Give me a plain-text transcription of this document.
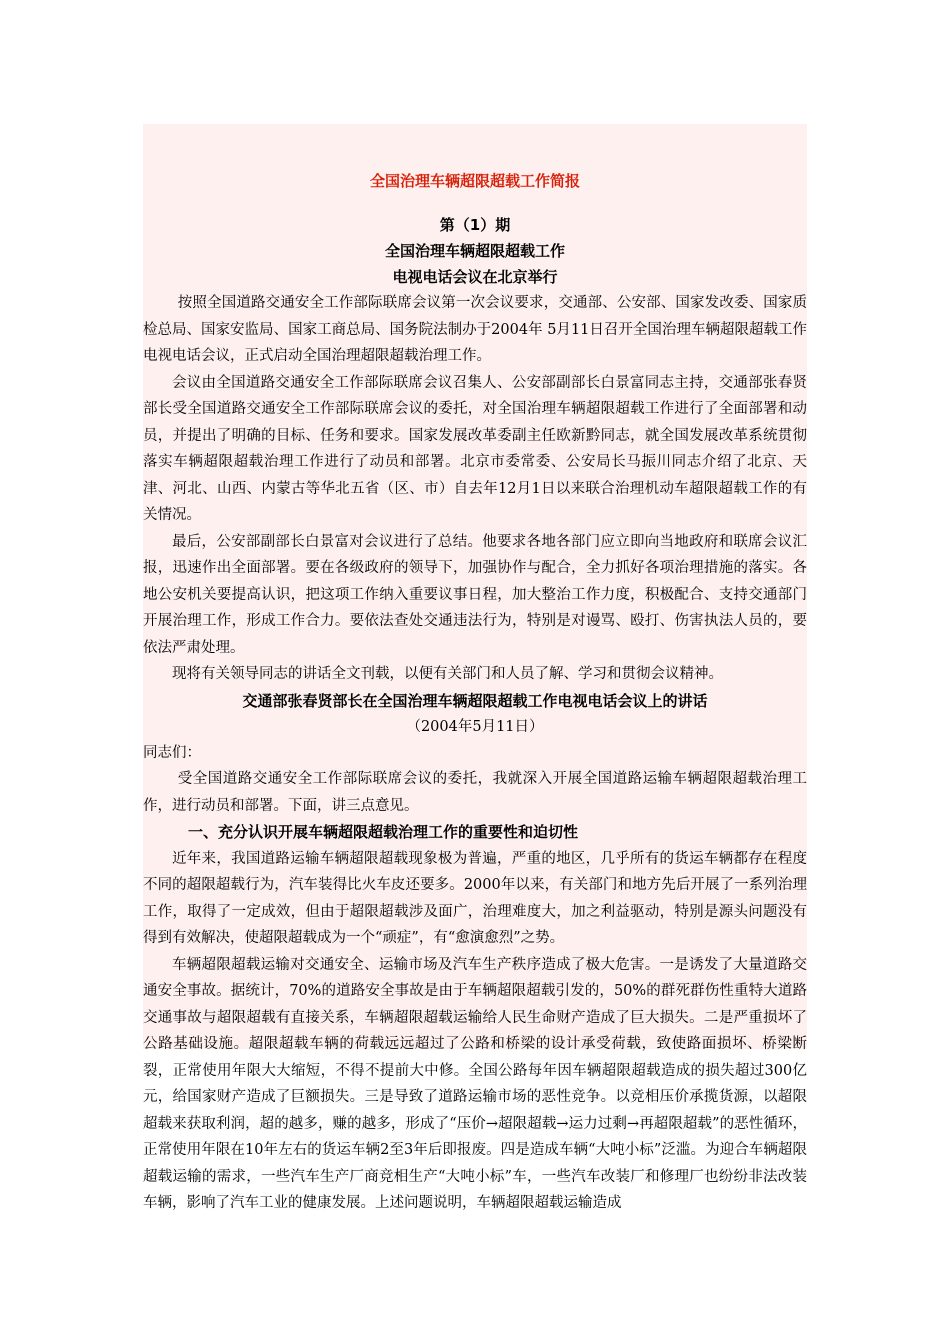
全国治理车辆超限超载工作简报
第（1）期
全国治理车辆超限超载工作
电视电话会议在北京举行

按照全国道路交通安全工作部际联席会议第一次会议要求，交通部、公安部、国家发改委、国家质检总局、国家安监局、国家工商总局、国务院法制办于2004年 5月11日召开全国治理车辆超限超载工作电视电话会议，正式启动全国治理超限超载治理工作。

会议由全国道路交通安全工作部际联席会议召集人、公安部副部长白景富同志主持，交通部张春贤部长受全国道路交通安全工作部际联席会议的委托，对全国治理车辆超限超载工作进行了全面部署和动员，并提出了明确的目标、任务和要求。国家发展改革委副主任欧新黔同志，就全国发展改革系统贯彻落实车辆超限超载治理工作进行了动员和部署。北京市委常委、公安局长马振川同志介绍了北京、天津、河北、山西、内蒙古等华北五省（区、市）自去年12月1日以来联合治理机动车超限超载工作的有关情况。

最后，公安部副部长白景富对会议进行了总结。他要求各地各部门应立即向当地政府和联席会议汇报，迅速作出全面部署。要在各级政府的领导下，加强协作与配合，全力抓好各项治理措施的落实。各地公安机关要提高认识，把这项工作纳入重要议事日程，加大整治工作力度，积极配合、支持交通部门开展治理工作，形成工作合力。要依法查处交通违法行为，特别是对谩骂、殴打、伤害执法人员的，要依法严肃处理。

现将有关领导同志的讲话全文刊载，以便有关部门和人员了解、学习和贯彻会议精神。

交通部张春贤部长在全国治理车辆超限超载工作电视电话会议上的讲话
（2004年5月11日）

同志们：

受全国道路交通安全工作部际联席会议的委托，我就深入开展全国道路运输车辆超限超载治理工作，进行动员和部署。下面，讲三点意见。

一、充分认识开展车辆超限超载治理工作的重要性和迫切性

近年来，我国道路运输车辆超限超载现象极为普遍，严重的地区，几乎所有的货运车辆都存在程度不同的超限超载行为，汽车装得比火车皮还要多。2000年以来，有关部门和地方先后开展了一系列治理工作，取得了一定成效，但由于超限超载涉及面广，治理难度大，加之利益驱动，特别是源头问题没有得到有效解决，使超限超载成为一个“顽症”，有“愈演愈烈”之势。

车辆超限超载运输对交通安全、运输市场及汽车生产秩序造成了极大危害。一是诱发了大量道路交通安全事故。据统计，70%的道路安全事故是由于车辆超限超载引发的，50%的群死群伤性重特大道路交通事故与超限超载有直接关系，车辆超限超载运输给人民生命财产造成了巨大损失。二是严重损坏了公路基础设施。超限超载车辆的荷载远远超过了公路和桥梁的设计承受荷载，致使路面损坏、桥梁断裂，正常使用年限大大缩短，不得不提前大中修。全国公路每年因车辆超限超载造成的损失超过300亿元，给国家财产造成了巨额损失。三是导致了道路运输市场的恶性竞争。以竞相压价承揽货源，以超限超载来获取利润，超的越多，赚的越多，形成了“压价→超限超载→运力过剩→再超限超载”的恶性循环，正常使用年限在10年左右的货运车辆2至3年后即报废。四是造成车辆“大吨小标”泛滥。为迎合车辆超限超载运输的需求，一些汽车生产厂商竞相生产“大吨小标”车，一些汽车改装厂和修理厂也纷纷非法改装车辆，影响了汽车工业的健康发展。上述问题说明，车辆超限超载运输造成
